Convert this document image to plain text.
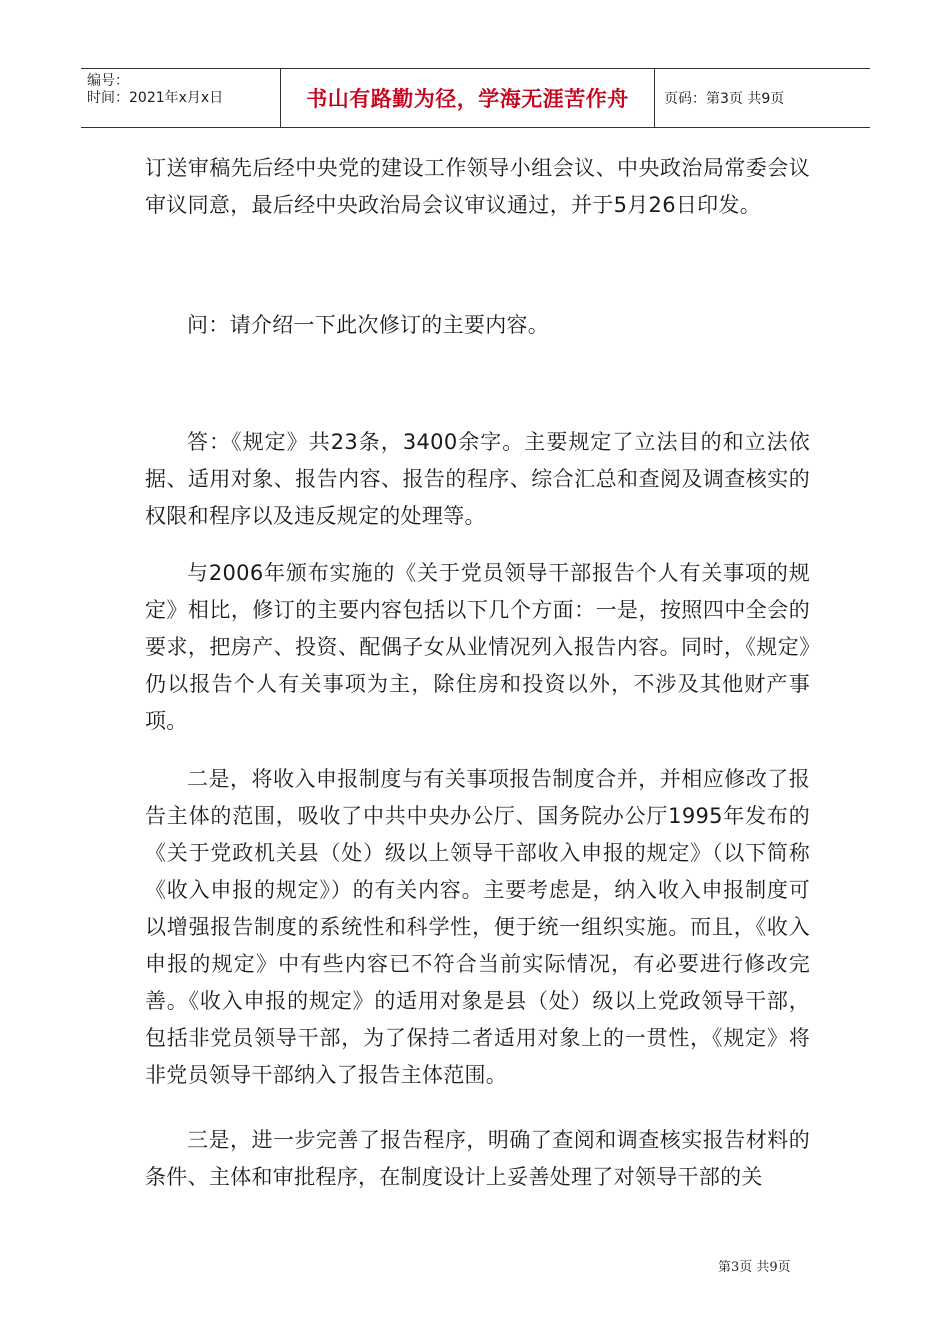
编号：
时间：2021年x月x日	书山有路勤为径，学海无涯苦作舟	页码：第3页 共9页

订送审稿先后经中央党的建设工作领导小组会议、中央政治局常委会议审议同意，最后经中央政治局会议审议通过，并于5月26日印发。

问：请介绍一下此次修订的主要内容。

答：《规定》共23条，3400余字。主要规定了立法目的和立法依据、适用对象、报告内容、报告的程序、综合汇总和查阅及调查核实的权限和程序以及违反规定的处理等。

与2006年颁布实施的《关于党员领导干部报告个人有关事项的规定》相比，修订的主要内容包括以下几个方面：一是，按照四中全会的要求，把房产、投资、配偶子女从业情况列入报告内容。同时，《规定》仍以报告个人有关事项为主，除住房和投资以外，不涉及其他财产事项。

二是，将收入申报制度与有关事项报告制度合并，并相应修改了报告主体的范围，吸收了中共中央办公厅、国务院办公厅1995年发布的《关于党政机关县（处）级以上领导干部收入申报的规定》（以下简称《收入申报的规定》）的有关内容。主要考虑是，纳入收入申报制度可以增强报告制度的系统性和科学性，便于统一组织实施。而且，《收入申报的规定》中有些内容已不符合当前实际情况，有必要进行修改完善。《收入申报的规定》的适用对象是县（处）级以上党政领导干部，包括非党员领导干部，为了保持二者适用对象上的一贯性，《规定》将非党员领导干部纳入了报告主体范围。

三是，进一步完善了报告程序，明确了查阅和调查核实报告材料的条件、主体和审批程序，在制度设计上妥善处理了对领导干部的关

第3页 共9页
